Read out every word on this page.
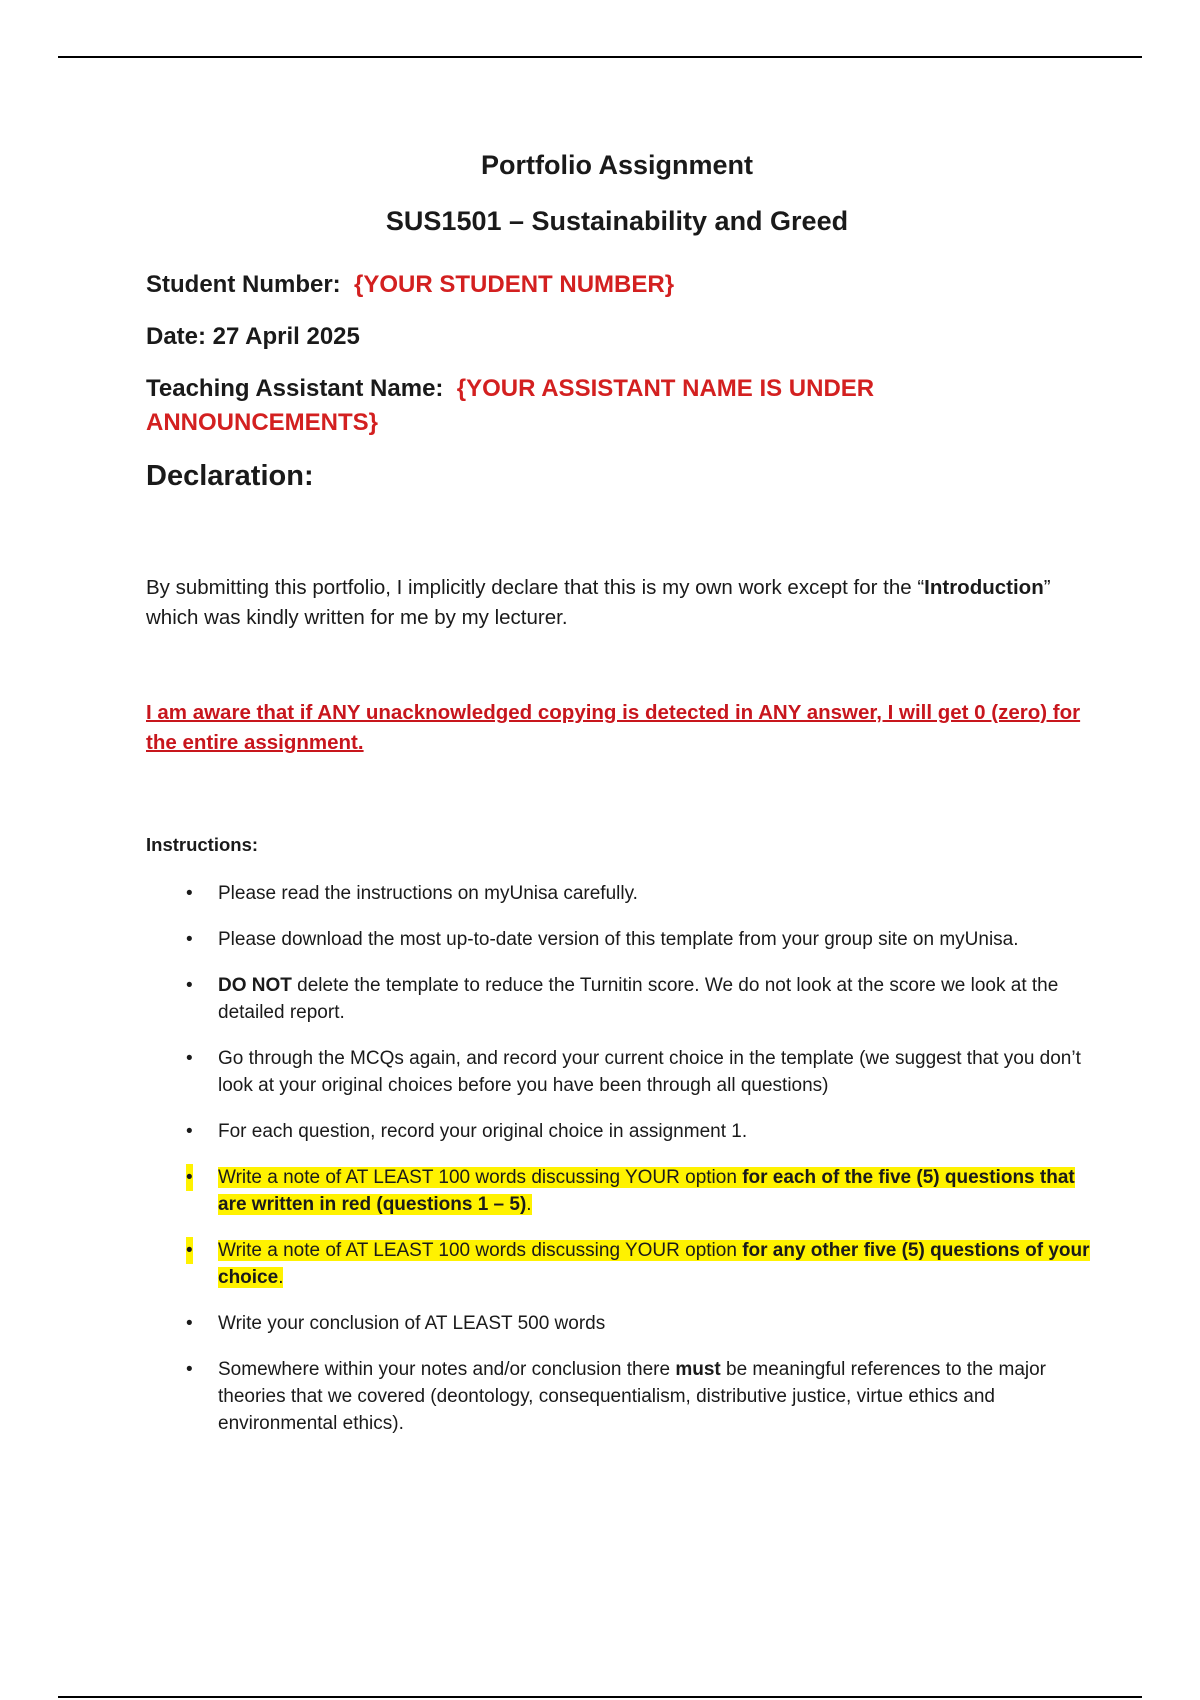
Portfolio Assignment
SUS1501 – Sustainability and Greed

Student Number: {YOUR STUDENT NUMBER}

Date: 27 April 2025

Teaching Assistant Name: {YOUR ASSISTANT NAME IS UNDER ANNOUNCEMENTS}

Declaration:

By submitting this portfolio, I implicitly declare that this is my own work except for the “Introduction” which was kindly written for me by my lecturer.

I am aware that if ANY unacknowledged copying is detected in ANY answer, I will get 0 (zero) for the entire assignment.

Instructions:
• Please read the instructions on myUnisa carefully.
• Please download the most up-to-date version of this template from your group site on myUnisa.
• DO NOT delete the template to reduce the Turnitin score. We do not look at the score we look at the detailed report.
• Go through the MCQs again, and record your current choice in the template (we suggest that you don’t look at your original choices before you have been through all questions)
• For each question, record your original choice in assignment 1.
• Write a note of AT LEAST 100 words discussing YOUR option for each of the five (5) questions that are written in red (questions 1 – 5).
• Write a note of AT LEAST 100 words discussing YOUR option for any other five (5) questions of your choice.
• Write your conclusion of AT LEAST 500 words
• Somewhere within your notes and/or conclusion there must be meaningful references to the major theories that we covered (deontology, consequentialism, distributive justice, virtue ethics and environmental ethics).
